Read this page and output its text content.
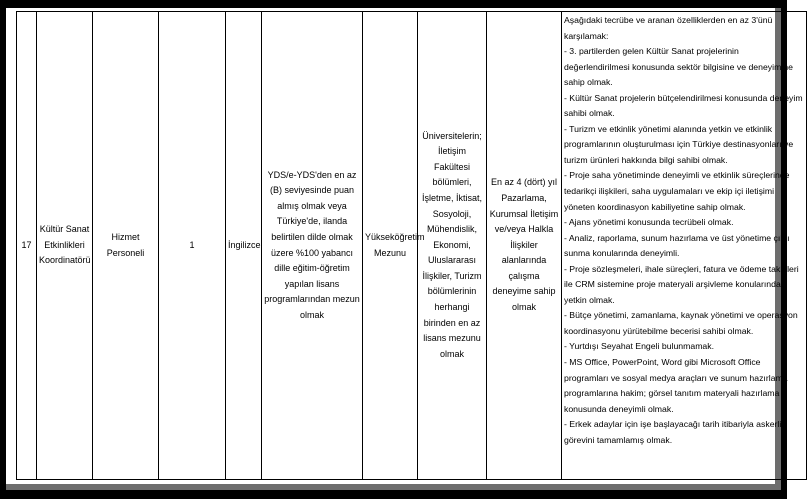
17	Kültür Sanat Etkinlikleri Koordinatörü	Hizmet Personeli	1	İngilizce	YDS/e-YDS'den en az (B) seviyesinde puan almış olmak veya Türkiye'de, ilanda belirtilen dilde olmak üzere %100 yabancı dille eğitim-öğretim yapılan lisans programlarından mezun olmak	Yükseköğretim Mezunu	Üniversitelerin; İletişim Fakültesi bölümleri, İşletme, İktisat, Sosyoloji, Mühendislik, Ekonomi, Uluslararası İlişkiler, Turizm bölümlerinin herhangi birinden en az lisans mezunu olmak	En az 4 (dört) yıl Pazarlama, Kurumsal İletişim ve/veya Halkla İlişkiler alanlarında çalışma deneyime sahip olmak	
Aşağıdaki tecrübe ve aranan özelliklerden en az 3'ünü karşılamak:
- 3. partilerden gelen Kültür Sanat projelerinin değerlendirilmesi konusunda sektör bilgisine ve deneyimine sahip olmak.
- Kültür Sanat projelerin bütçelendirilmesi konusunda deneyim sahibi olmak.
- Turizm ve etkinlik yönetimi alanında yetkin ve etkinlik programlarının oluşturulması için Türkiye destinasyonları ve turizm ürünleri hakkında bilgi sahibi olmak.
- Proje saha yönetiminde deneyimli ve etkinlik süreçlerinde tedarikçi ilişkileri, saha uygulamaları ve ekip içi iletişimi yöneten koordinasyon kabiliyetine sahip olmak.
- Ajans yönetimi konusunda tecrübeli olmak.
- Analiz, raporlama, sunum hazırlama ve üst yönetime çıktı sunma konularında deneyimli.
- Proje sözleşmeleri, ihale süreçleri, fatura ve ödeme takipleri ile CRM sistemine proje materyali arşivleme konularında yetkin olmak.
- Bütçe yönetimi, zamanlama, kaynak yönetimi ve operasyon koordinasyonu yürütebilme becerisi sahibi olmak.
- Yurtdışı Seyahat Engeli bulunmamak.
- MS Office, PowerPoint, Word gibi Microsoft Office programları ve sosyal medya araçları ve sunum hazırlama programlarına hakim; görsel tanıtım materyali hazırlama konusunda deneyimli olmak.
- Erkek adaylar için işe başlayacağı tarih itibariyla askerlik görevini tamamlamış olmak.
